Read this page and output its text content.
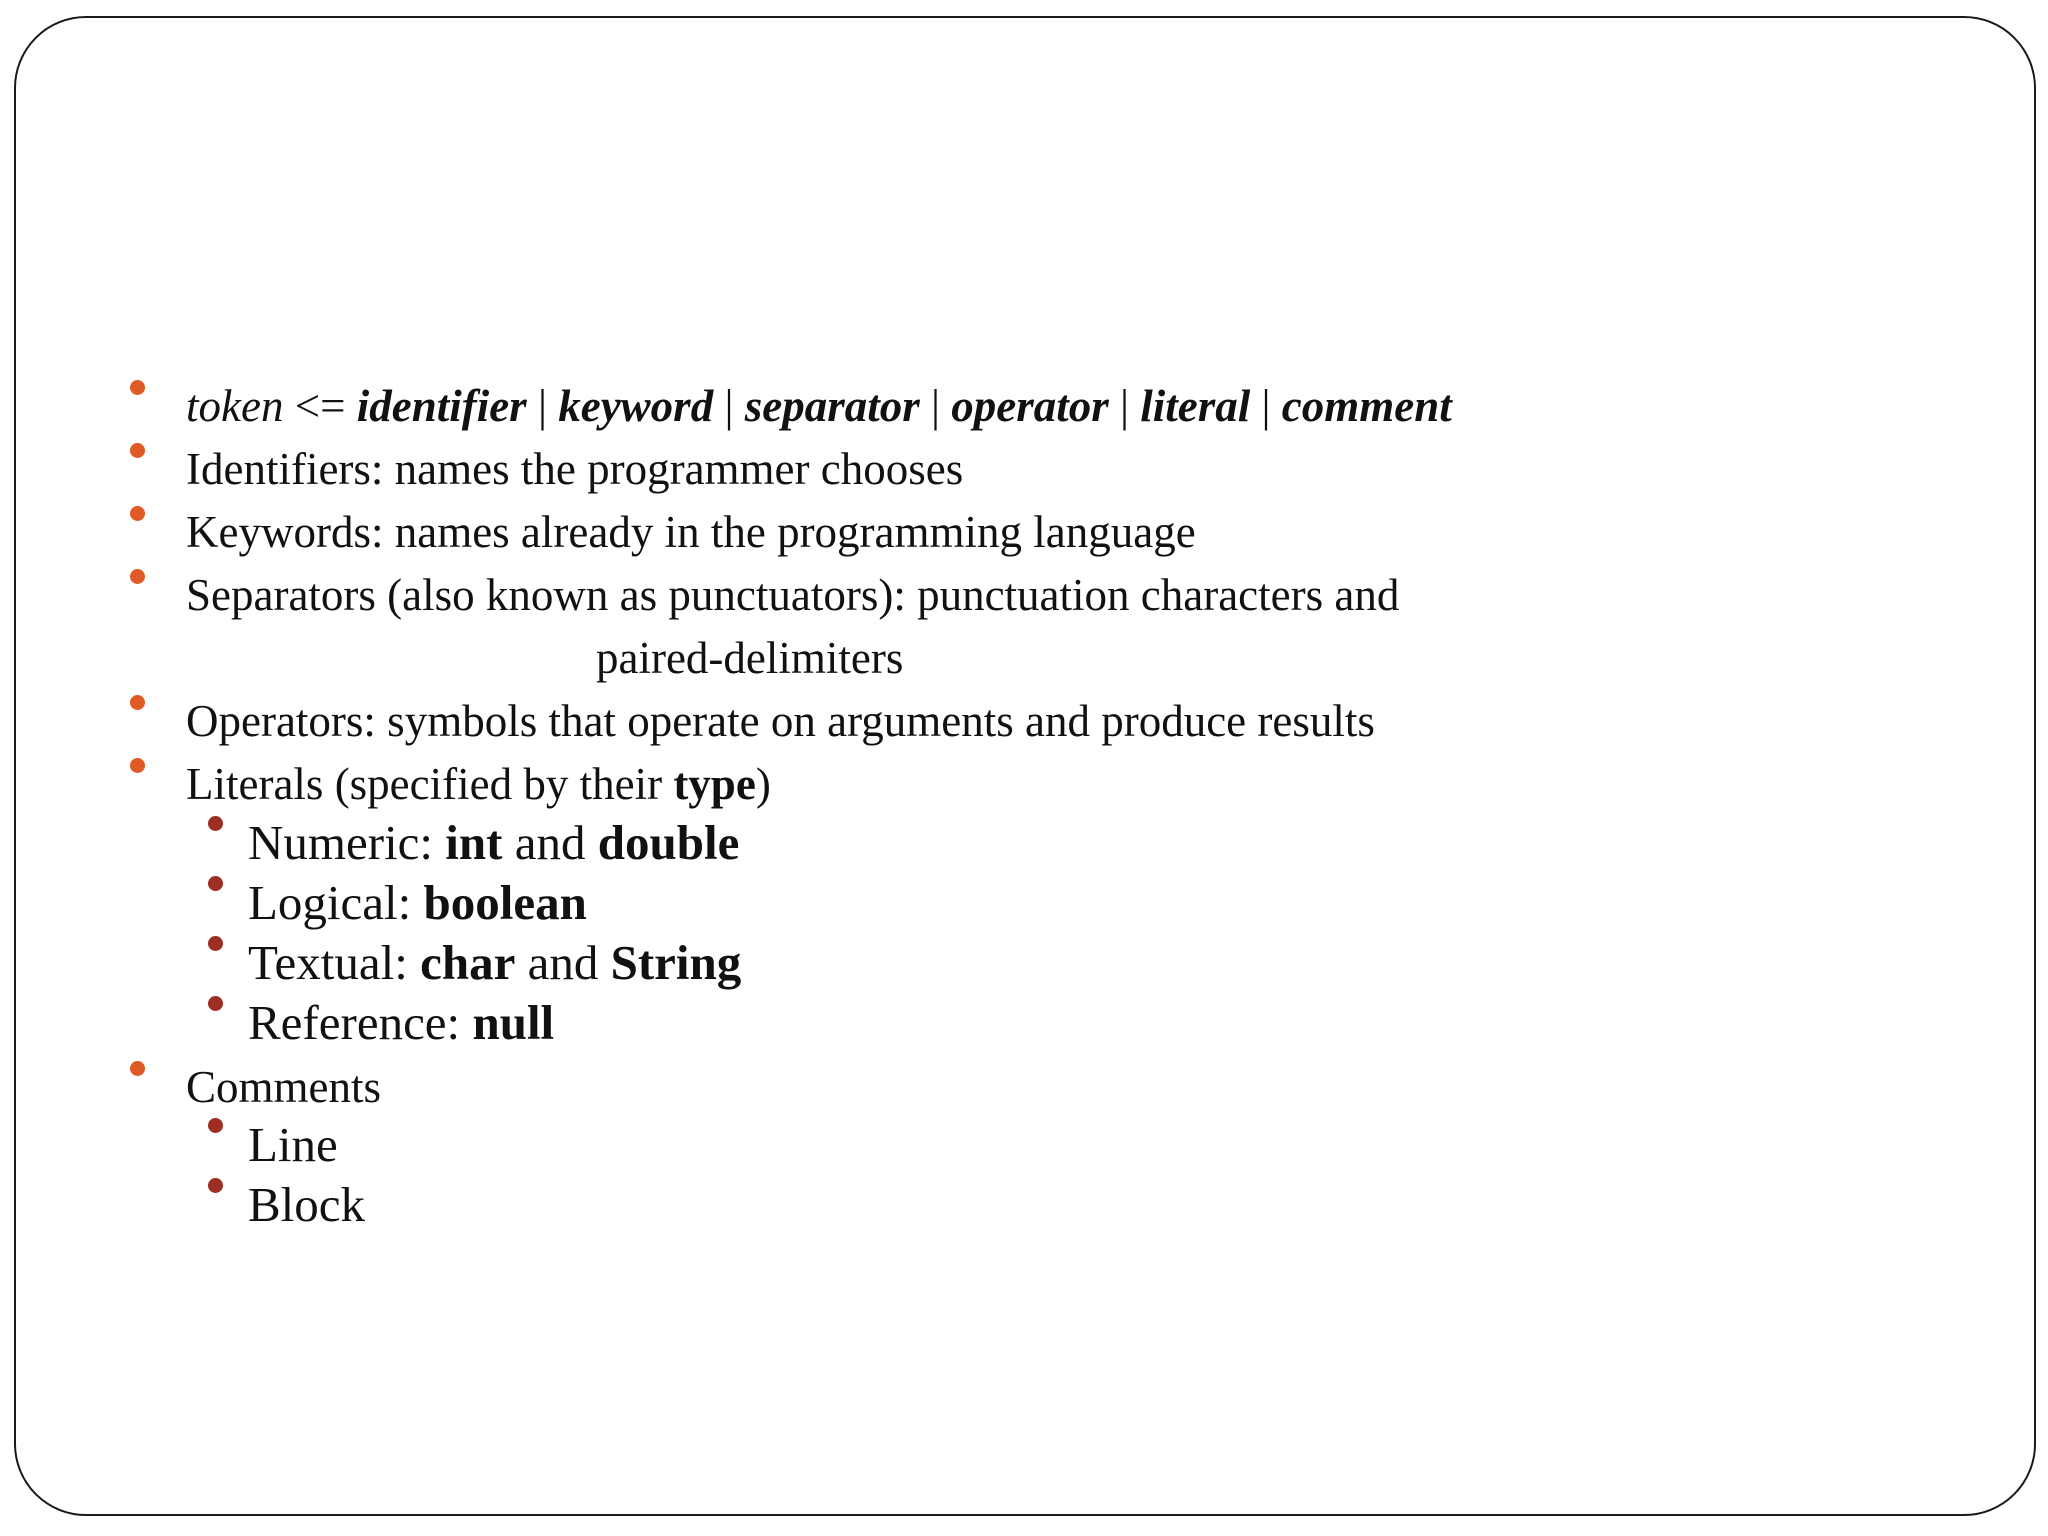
token <= identifier | keyword | separator | operator | literal | comment
Identifiers: names the programmer chooses
Keywords: names already in the programming language
Separators (also known as punctuators): punctuation characters and
paired-delimiters
Operators: symbols that operate on arguments and produce results
Literals (specified by their type)
Numeric: int and double
Logical: boolean
Textual: char and String
Reference: null
Comments
Line
Block
